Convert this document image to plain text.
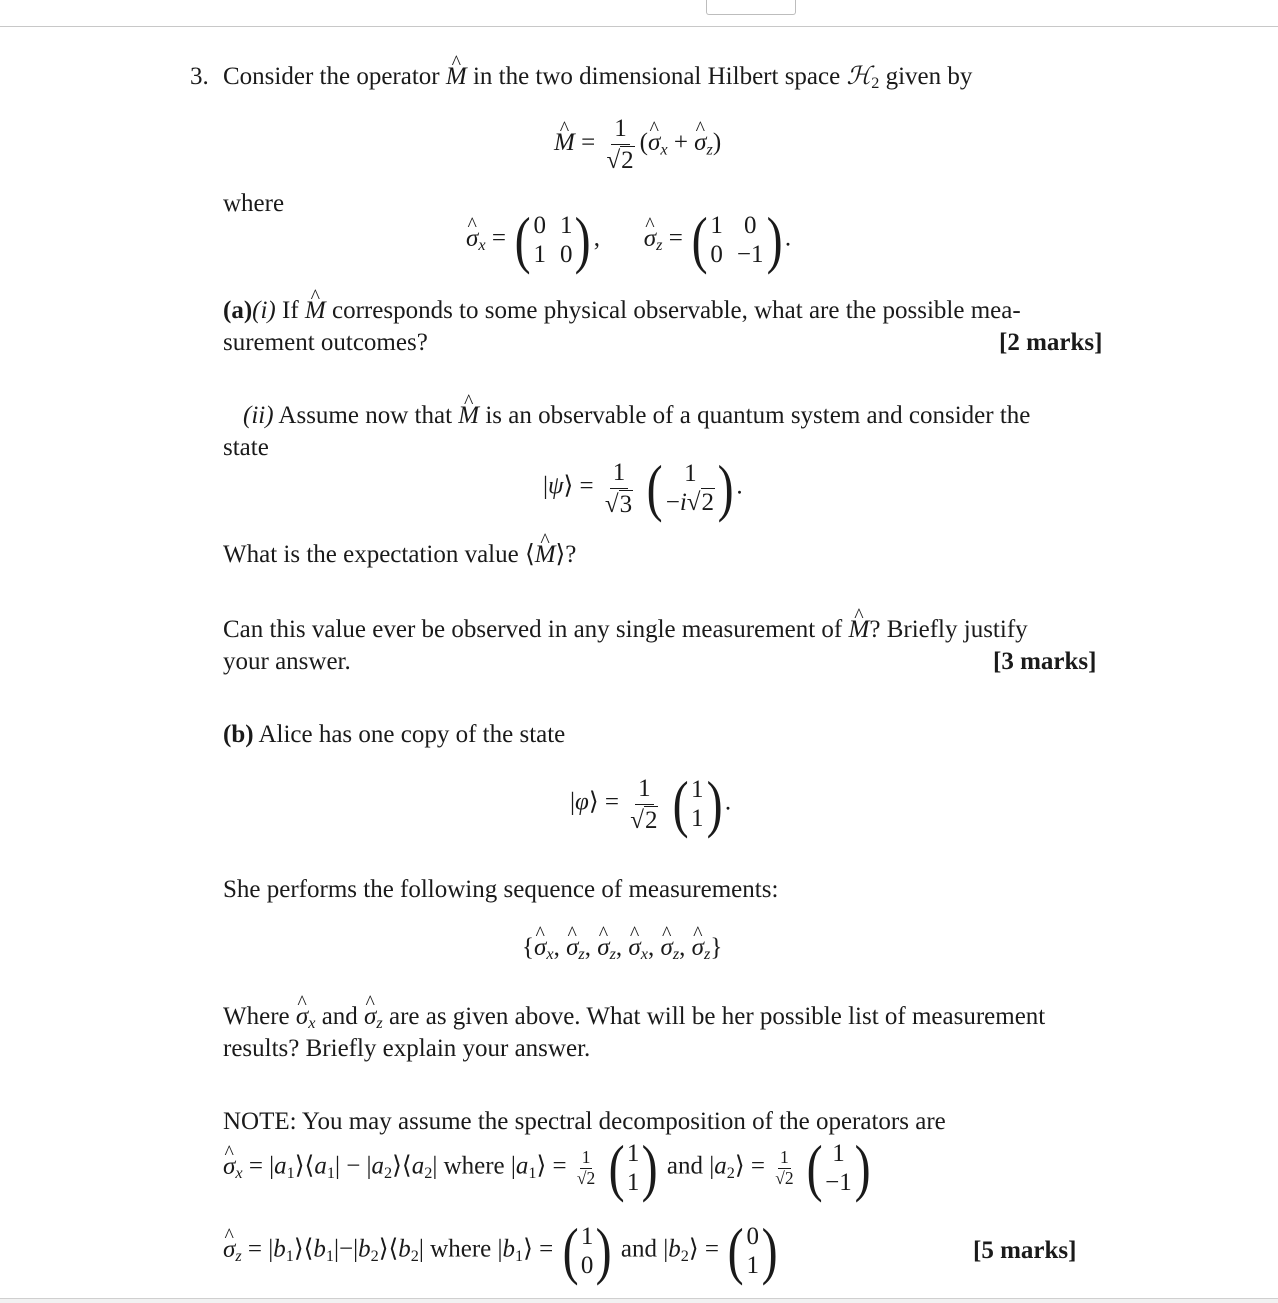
3. Consider the operator ^ M in the two dimensional Hilbert space ℋ$_2$ given by
^ $M = \frac{1}{√2}$ (^ $\sigma_x$ + ^ $\sigma_z$)
where
^ $\sigma_x$ = ( 0 1
1 0 ) ,       ^ $\sigma_z$ = ( 1 0
0 −1 ) .
(a)(i) If ^ M corresponds to some physical observable, what are the possible mea-
surement outcomes?	[2 marks]
(ii) Assume now that ^ M is an observable of a quantum system and consider the
state
|ψ⟩ = $\frac{1}{√3}$
( 1
−i√2 ) .
What is the expectation value ⟨^ M⟩?
Can this value ever be observed in any single measurement of ^ M? Briefly justify
your answer.	[3 marks]
(b) Alice has one copy of the state
|φ⟩ = $\frac{1}{√2}$
( 1
1 ) .
She performs the following sequence of measurements:
{^ $\sigma_x$, ^ $\sigma_z$, ^ $\sigma_z$, ^ $\sigma_x$, ^ $\sigma_z$, ^ $\sigma_z$}
Where ^ $\sigma_x$ and ^ $\sigma_z$ are as given above. What will be her possible list of measurement
results? Briefly explain your answer.
NOTE: You may assume the spectral decomposition of the operators are
^ $\sigma_x$ = $|a_1⟩⟨a_1|$ − $|a_2⟩⟨a_2|$ where $|a_1⟩ = \frac{1}{√2}$
( 1
1 ) and $|a_2⟩ = \frac{1}{√2}$
( 1
−1 )
^ $\sigma_z$ = $|b_1⟩⟨b_1|-|b_2⟩⟨b_2|$ where $|b_1⟩$ = ( 1
0 ) and $|b_2⟩$ = ( 0
1 )	[5 marks]
